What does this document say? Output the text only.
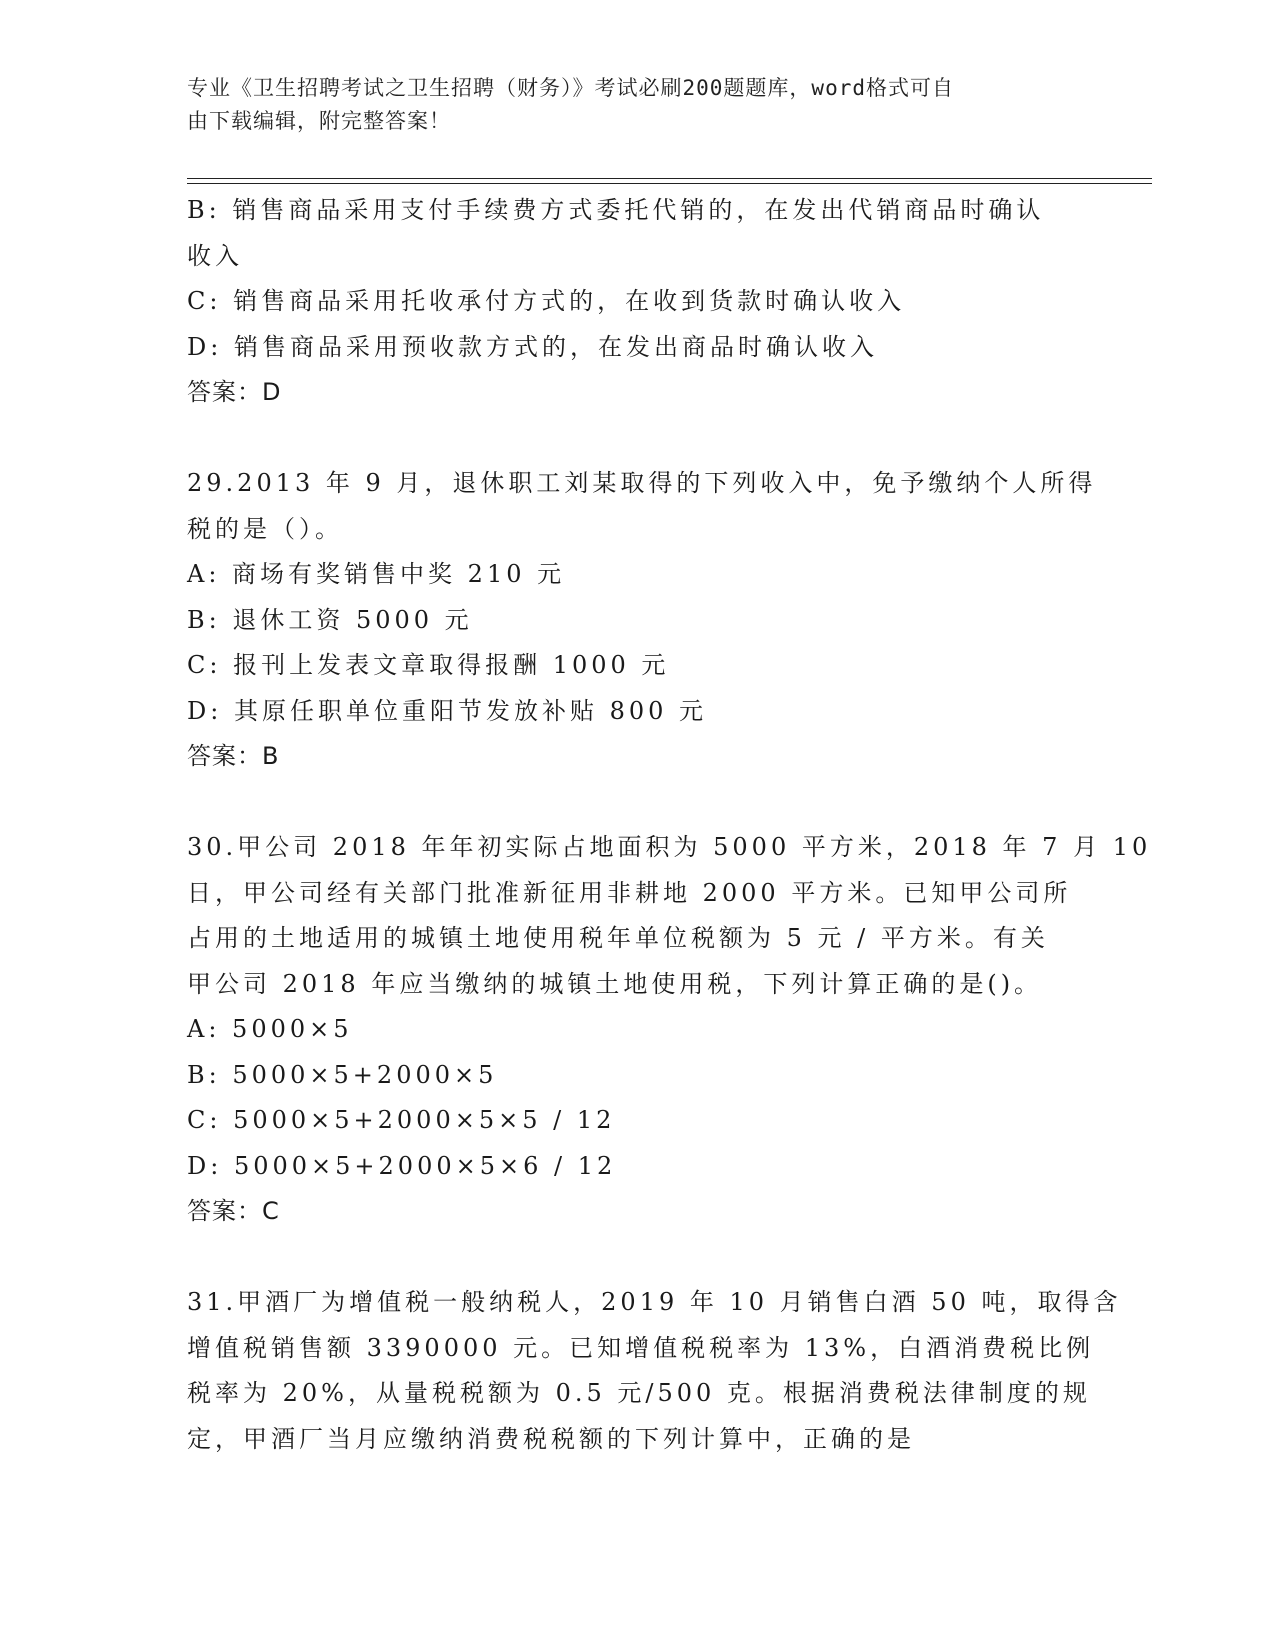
专业《卫生招聘考试之卫生招聘（财务）》考试必刷200题题库，word格式可自
由下载编辑，附完整答案！
B: 销售商品采用支付手续费方式委托代销的，在发出代销商品时确认
收入
C: 销售商品采用托收承付方式的，在收到货款时确认收入
D: 销售商品采用预收款方式的，在发出商品时确认收入
答案：D
29.2013 年 9 月，退休职工刘某取得的下列收入中，免予缴纳个人所得
税的是（）。
A: 商场有奖销售中奖 210 元
B: 退休工资 5000 元
C: 报刊上发表文章取得报酬 1000 元
D: 其原任职单位重阳节发放补贴 800 元
答案：B
30.甲公司 2018 年年初实际占地面积为 5000 平方米，2018 年 7 月 10
日，甲公司经有关部门批准新征用非耕地 2000 平方米。已知甲公司所
占用的土地适用的城镇土地使用税年单位税额为 5 元 / 平方米。有关
甲公司 2018 年应当缴纳的城镇土地使用税，下列计算正确的是()。
A: 5000×5
B: 5000×5+2000×5
C: 5000×5+2000×5×5 / 12
D: 5000×5+2000×5×6 / 12
答案：C
31.甲酒厂为增值税一般纳税人，2019 年 10 月销售白酒 50 吨，取得含
增值税销售额 3390000 元。已知增值税税率为 13%，白酒消费税比例
税率为 20%，从量税税额为 0.5 元/500 克。根据消费税法律制度的规
定，甲酒厂当月应缴纳消费税税额的下列计算中，正确的是
